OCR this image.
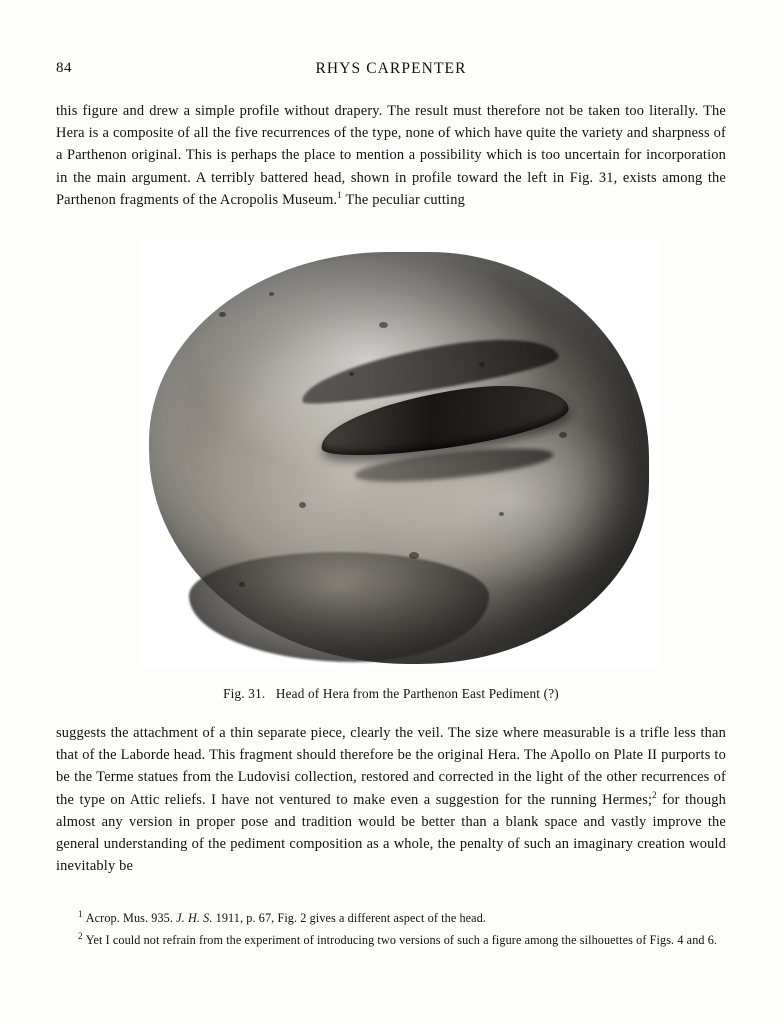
84	RHYS CARPENTER

this figure and drew a simple profile without drapery. The result must therefore not be taken too literally. The Hera is a composite of all the five recurrences of the type, none of which have quite the variety and sharpness of a Parthenon original. This is perhaps the place to mention a possibility which is too uncertain for incorporation in the main argument. A terribly battered head, shown in profile toward the left in Fig. 31, exists among the Parthenon fragments of the Acropolis Museum.$^1$ The peculiar cutting

Fig. 31. Head of Hera from the Parthenon East Pediment (?)

suggests the attachment of a thin separate piece, clearly the veil. The size where measurable is a trifle less than that of the Laborde head. This fragment should therefore be the original Hera. The Apollo on Plate II purports to be the Terme statues from the Ludovisi collection, restored and corrected in the light of the other recurrences of the type on Attic reliefs. I have not ventured to make even a suggestion for the running Hermes;$^2$ for though almost any version in proper pose and tradition would be better than a blank space and vastly improve the general understanding of the pediment composition as a whole, the penalty of such an imaginary creation would inevitably be

$^1$ Acrop. Mus. 935. J. H. S. 1911, p. 67, Fig. 2 gives a different aspect of the head.

$^2$ Yet I could not refrain from the experiment of introducing two versions of such a figure among the silhouettes of Figs. 4 and 6.
